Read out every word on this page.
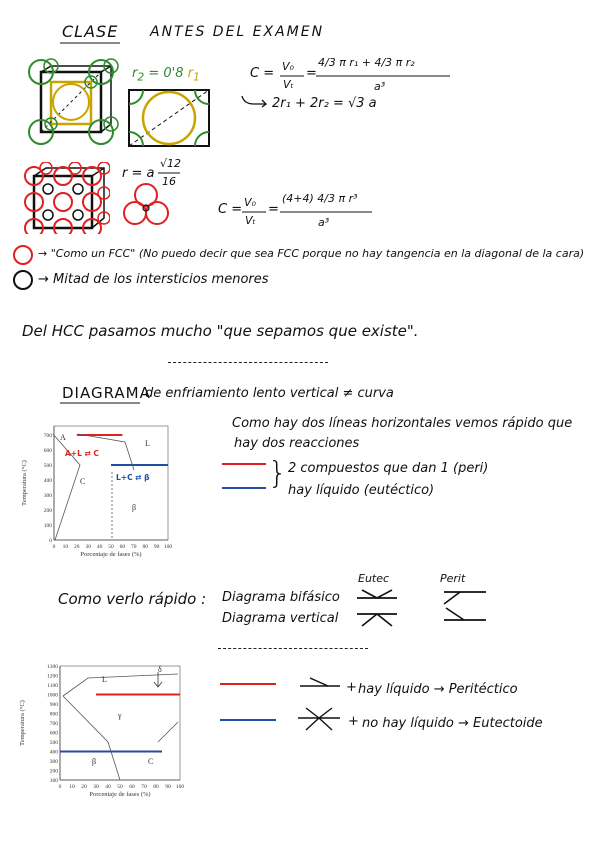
CLASE ANTES DEL EXAMEN
$r_2 = 0'8$ $r_1$	C = V₀
Vₜ
=
4/3 π r₁ + 4/3 π r₂
a³
2r₁ + 2r₂ = √3 a
r = a
√12
16
C = V₀
Vₜ
=
(4+4) 4/3 π r³
a³
→ "Como un FCC" (No puedo decir que sea FCC porque no hay tangencia en la diagonal de la cara)
→ Mitad de los intersticios menores
Del HCC pasamos mucho "que sepamos que existe".
DIAGRAMA
de enfriamiento lento vertical ≠ curva
0 10 20 30 40 50 60 70 80 90 100
0
100
200
300
400
500
600
700
Porcentaje de fases (%)
Temperatura (°C)
A
L
C
β
A+L ⇄ C
L+C ⇄ β
Como hay dos líneas horizontales vemos rápido que
hay dos reacciones
} 2 compuestos que dan 1 (peri)
hay líquido (eutéctico)
Como verlo rápido : Diagrama bifásico
Diagrama vertical
Eutec	Perit
0 10 20 30 40 50 60 70 80 90 100
100
200
300
400
500
600
700
800
900
1000
1100
1200
1300
Porcentaje de fases (%)
Temperatura (°C)
L
δ
γ
β	C
+ hay líquido → Peritéctico
+ no hay líquido → Eutectoide
